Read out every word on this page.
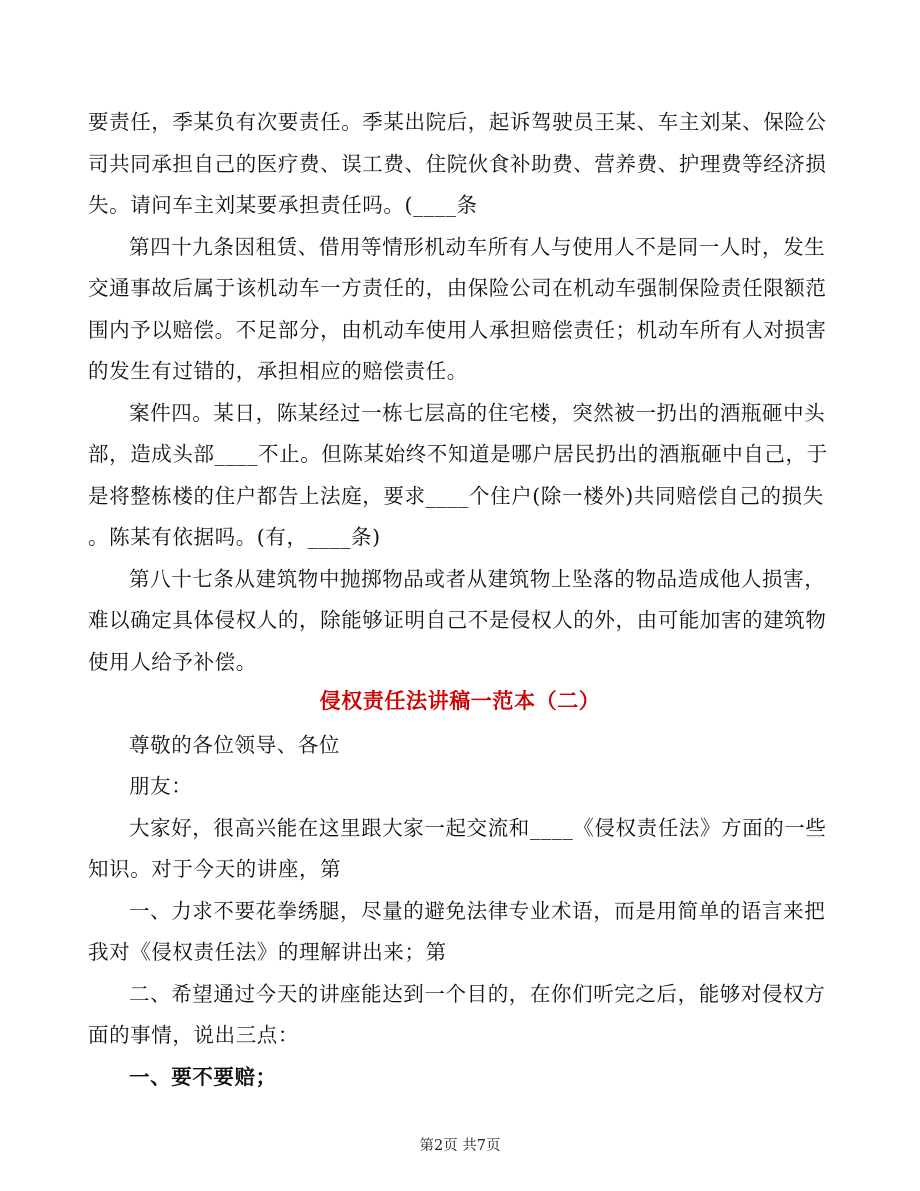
要责任，季某负有次要责任。季某出院后，起诉驾驶员王某、车主刘某、保险公
司共同承担自己的医疗费、误工费、住院伙食补助费、营养费、护理费等经济损
失。请问车主刘某要承担责任吗。(____条
第四十九条因租赁、借用等情形机动车所有人与使用人不是同一人时，发生
交通事故后属于该机动车一方责任的，由保险公司在机动车强制保险责任限额范
围内予以赔偿。不足部分，由机动车使用人承担赔偿责任；机动车所有人对损害
的发生有过错的，承担相应的赔偿责任。
案件四。某日，陈某经过一栋七层高的住宅楼，突然被一扔出的酒瓶砸中头
部，造成头部____不止。但陈某始终不知道是哪户居民扔出的酒瓶砸中自己，于
是将整栋楼的住户都告上法庭，要求____个住户(除一楼外)共同赔偿自己的损失
。陈某有依据吗。(有，____条)
第八十七条从建筑物中抛掷物品或者从建筑物上坠落的物品造成他人损害，
难以确定具体侵权人的，除能够证明自己不是侵权人的外，由可能加害的建筑物
使用人给予补偿。
侵权责任法讲稿一范本（二）
尊敬的各位领导、各位
朋友：
大家好，很高兴能在这里跟大家一起交流和____《侵权责任法》方面的一些
知识。对于今天的讲座，第
一、力求不要花拳绣腿，尽量的避免法律专业术语，而是用简单的语言来把
我对《侵权责任法》的理解讲出来；第
二、希望通过今天的讲座能达到一个目的，在你们听完之后，能够对侵权方
面的事情，说出三点：
一、要不要赔；
第2页 共7页
